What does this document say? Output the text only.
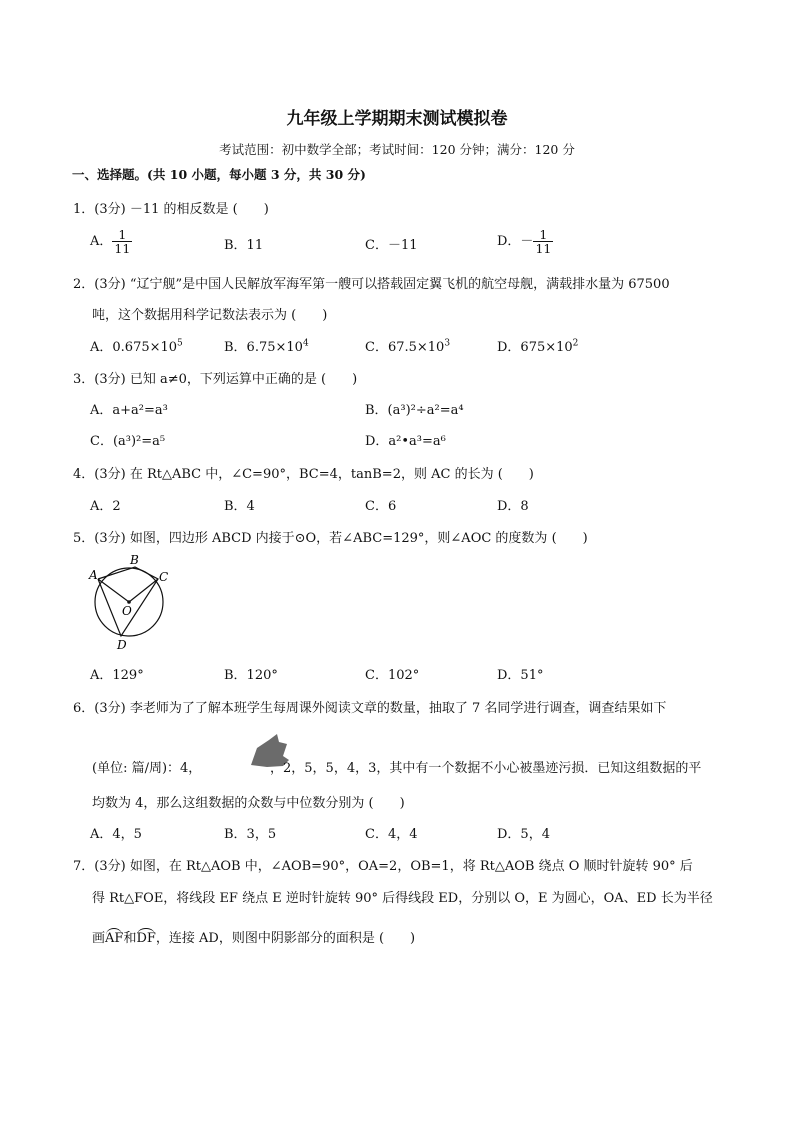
九年级上学期期末测试模拟卷
考试范围：初中数学全部；考试时间：120 分钟；满分：120 分
一、选择题。(共 10 小题，每小题 3 分，共 30 分)
1．(3分) －11 的相反数是 (　　)
A． $\frac{1}{11}$	B．11	C．－11	D．－ $\frac{1}{11}$
2．(3分) “辽宁舰”是中国人民解放军海军第一艘可以搭载固定翼飞机的航空母舰，满载排水量为 67500
吨，这个数据用科学记数法表示为 (　　)
A．$0.675\times 10^5$	B．$6.75\times 10^4$	C．$67.5\times 10^3$	D．$675\times 10^2$
3．(3分) 已知 a≠0，下列运算中正确的是 (　　)
A．a+a²=a³	B．(a³)²÷a²=a⁴
C．(a³)²=a⁵	D．a²•a³=a⁶
4．(3分) 在 Rt△ABC 中，∠C=90°，BC=4，tanB=2，则 AC 的长为 (　　)
A．2	B．4	C．6	D．8
5．(3分) 如图，四边形 ABCD 内接于⊙O，若∠ABC=129°，则∠AOC 的度数为 (　　)
A
B
C
O
D
A．129°	B．120°	C．102°	D．51°
6．(3分) 李老师为了了解本班学生每周课外阅读文章的数量，抽取了 7 名同学进行调查，调查结果如下
(单位: 篇/周)：4，	，2，5，5，4，3，其中有一个数据不小心被墨迹污损．已知这组数据的平
均数为 4，那么这组数据的众数与中位数分别为 (　　)
A．4，5	B．3，5	C．4，4	D．5，4
7．(3分) 如图，在 Rt△AOB 中，∠AOB=90°，OA=2，OB=1，将 Rt△AOB 绕点 O 顺时针旋转 90° 后
得 Rt△FOE，将线段 EF 绕点 E 逆时针旋转 90° 后得线段 ED，分别以 O，E 为圆心，OA、ED 长为半径
画AF和DF，连接 AD，则图中阴影部分的面积是 (　　)
